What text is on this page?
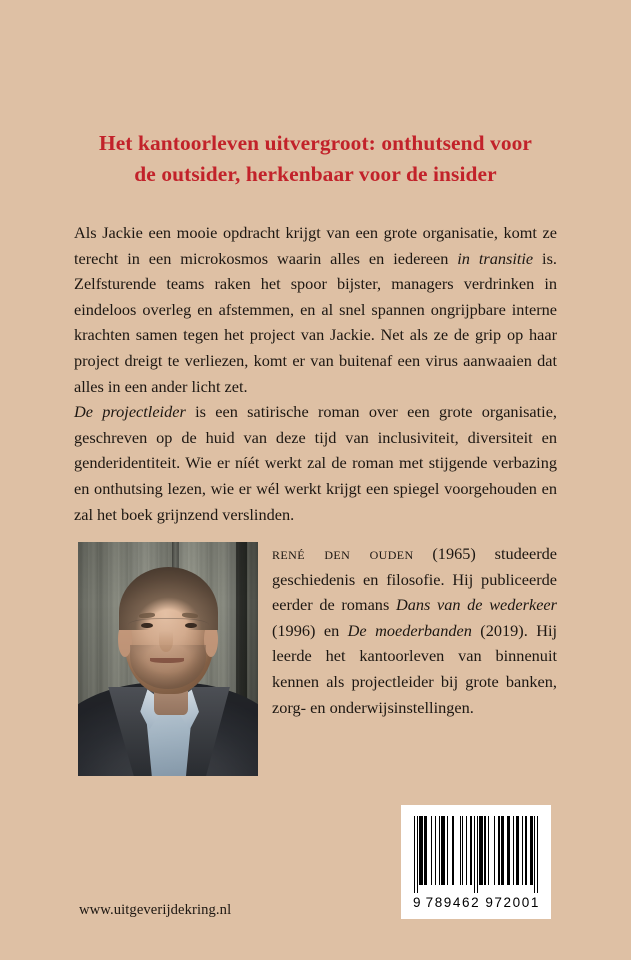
Het kantoorleven uitvergroot: onthutsend voor
de outsider, herkenbaar voor de insider

Als Jackie een mooie opdracht krijgt van een grote organisatie, komt ze terecht in een microkosmos waarin alles en iedereen in transitie is. Zelfsturende teams raken het spoor bijster, managers verdrinken in eindeloos overleg en afstemmen, en al snel spannen ongrijpbare interne krachten samen tegen het project van Jackie. Net als ze de grip op haar project dreigt te verliezen, komt er van buitenaf een virus aanwaaien dat alles in een ander licht zet.

De projectleider is een satirische roman over een grote organisatie, geschreven op de huid van deze tijd van inclusiviteit, diversiteit en genderidentiteit. Wie er níét werkt zal de roman met stijgende verbazing en onthutsing lezen, wie er wél werkt krijgt een spiegel voorgehouden en zal het boek grijnzend verslinden.

rené den ouden (1965) studeerde geschiedenis en filosofie. Hij publiceerde eerder de romans Dans van de wederkeer (1996) en De moederbanden (2019). Hij leerde het kantoorleven van binnenuit kennen als projectleider bij grote banken, zorg- en onderwijsinstellingen.

9 789462 972001
www.uitgeverijdekring.nl
